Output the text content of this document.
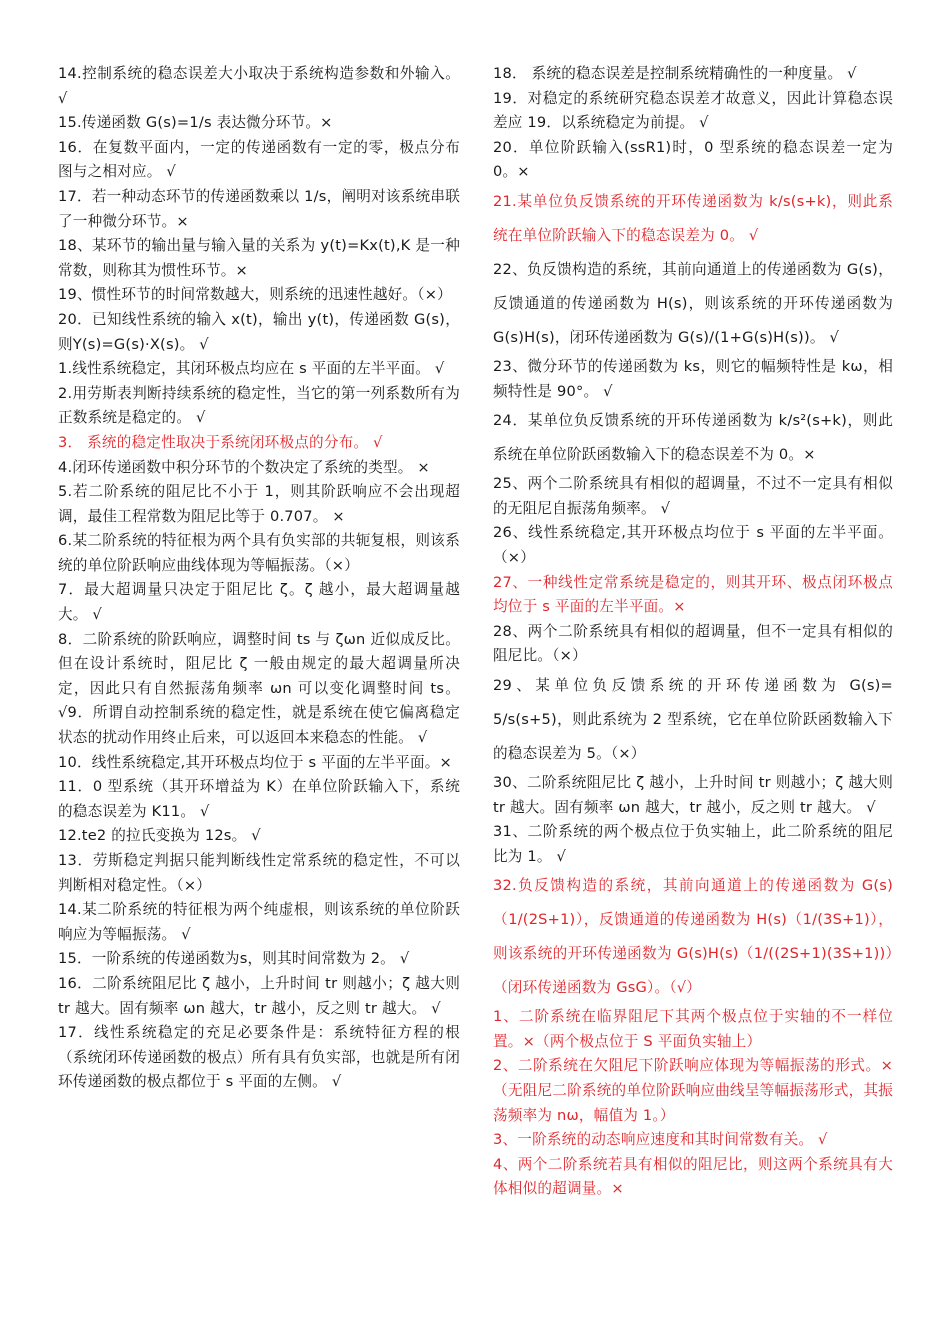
14.控制系统的稳态误差大小取决于系统构造参数和外输入。 √

15.传递函数 G(s)=1/s 表达微分环节。×

16．在复数平面内，一定的传递函数有一定的零，极点分布图与之相对应。 √

17．若一种动态环节的传递函数乘以 1/s，阐明对该系统串联了一种微分环节。×

18、某环节的输出量与输入量的关系为 y(t)=Kx(t),K 是一种常数，则称其为惯性环节。×

19、惯性环节的时间常数越大，则系统的迅速性越好。（×）

20．已知线性系统的输入 x(t)，输出 y(t)，传递函数 G(s)，则Y(s)=G(s)·X(s)。 √

1.线性系统稳定，其闭环极点均应在 s 平面的左半平面。 √

2.用劳斯表判断持续系统的稳定性，当它的第一列系数所有为正数系统是稳定的。 √

3． 系统的稳定性取决于系统闭环极点的分布。 √

4.闭环传递函数中积分环节的个数决定了系统的类型。 ×

5.若二阶系统的阻尼比不小于 1，则其阶跃响应不会出现超调，最佳工程常数为阻尼比等于 0.707。 ×

6.某二阶系统的特征根为两个具有负实部的共轭复根，则该系统的单位阶跃响应曲线体现为等幅振荡。（×）

7．最大超调量只决定于阻尼比 ζ。ζ 越小，最大超调量越大。 √

8．二阶系统的阶跃响应，调整时间 ts 与 ζωn 近似成反比。但在设计系统时，阻尼比 ζ 一般由规定的最大超调量所决定，因此只有自然振荡角频率 ωn 可以变化调整时间 ts。 √9．所谓自动控制系统的稳定性，就是系统在使它偏离稳定状态的扰动作用终止后来，可以返回本来稳态的性能。 √

10．线性系统稳定,其开环极点均位于 s 平面的左半平面。×

11．0 型系统（其开环增益为 K）在单位阶跃输入下，系统的稳态误差为 K11。 √

12.te2 的拉氏变换为 12s。 √

13．劳斯稳定判据只能判断线性定常系统的稳定性，不可以判断相对稳定性。（×）

14.某二阶系统的特征根为两个纯虚根，则该系统的单位阶跃响应为等幅振荡。 √

15．一阶系统的传递函数为s，则其时间常数为 2。 √

16．二阶系统阻尼比 ζ 越小，上升时间 tr 则越小；ζ 越大则 tr 越大。固有频率 ωn 越大，tr 越小，反之则 tr 越大。 √

17．线性系统稳定的充足必要条件是：系统特征方程的根（系统闭环传递函数的极点）所有具有负实部，也就是所有闭环传递函数的极点都位于 s 平面的左侧。 √

18． 系统的稳态误差是控制系统精确性的一种度量。 √

19．对稳定的系统研究稳态误差才故意义，因此计算稳态误差应 19．以系统稳定为前提。 √

20．单位阶跃输入(ssR1)时，0 型系统的稳态误差一定为 0。×

21.某单位负反馈系统的开环传递函数为 k/s(s+k)，则此系统在单位阶跃输入下的稳态误差为 0。 √

22、负反馈构造的系统，其前向通道上的传递函数为 G(s)，反馈通道的传递函数为 H(s)，则该系统的开环传递函数为 G(s)H(s)，闭环传递函数为 G(s)/(1+G(s)H(s))。 √

23、微分环节的传递函数为 ks，则它的幅频特性是 kω，相频特性是 90°。 √

24．某单位负反馈系统的开环传递函数为 k/s²(s+k)，则此系统在单位阶跃函数输入下的稳态误差不为 0。×

25、两个二阶系统具有相似的超调量，不过不一定具有相似的无阻尼自振荡角频率。 √

26、线性系统稳定,其开环极点均位于 s 平面的左半平面。（×）

27、一种线性定常系统是稳定的，则其开环、极点闭环极点均位于 s 平面的左半平面。×

28、两个二阶系统具有相似的超调量，但不一定具有相似的阻尼比。（×）

29、某单位负反馈系统的开环传递函数为 G(s)= 5/s(s+5)，则此系统为 2 型系统，它在单位阶跃函数输入下的稳态误差为 5。（×）

30、二阶系统阻尼比 ζ 越小，上升时间 tr 则越小；ζ 越大则 tr 越大。固有频率 ωn 越大，tr 越小，反之则 tr 越大。 √

31、二阶系统的两个极点位于负实轴上，此二阶系统的阻尼比为 1。 √

32.负反馈构造的系统，其前向通道上的传递函数为 G(s)（1/(2S+1)），反馈通道的传递函数为 H(s)（1/(3S+1)），则该系统的开环传递函数为 G(s)H(s)（1/((2S+1)(3S+1))）（闭环传递函数为 GsG）。（√）

1、二阶系统在临界阻尼下其两个极点位于实轴的不一样位置。×（两个极点位于 S 平面负实轴上）

2、二阶系统在欠阻尼下阶跃响应体现为等幅振荡的形式。×（无阻尼二阶系统的单位阶跃响应曲线呈等幅振荡形式，其振荡频率为 nω，幅值为 1。）

3、一阶系统的动态响应速度和其时间常数有关。 √

4、两个二阶系统若具有相似的阻尼比，则这两个系统具有大体相似的超调量。×
